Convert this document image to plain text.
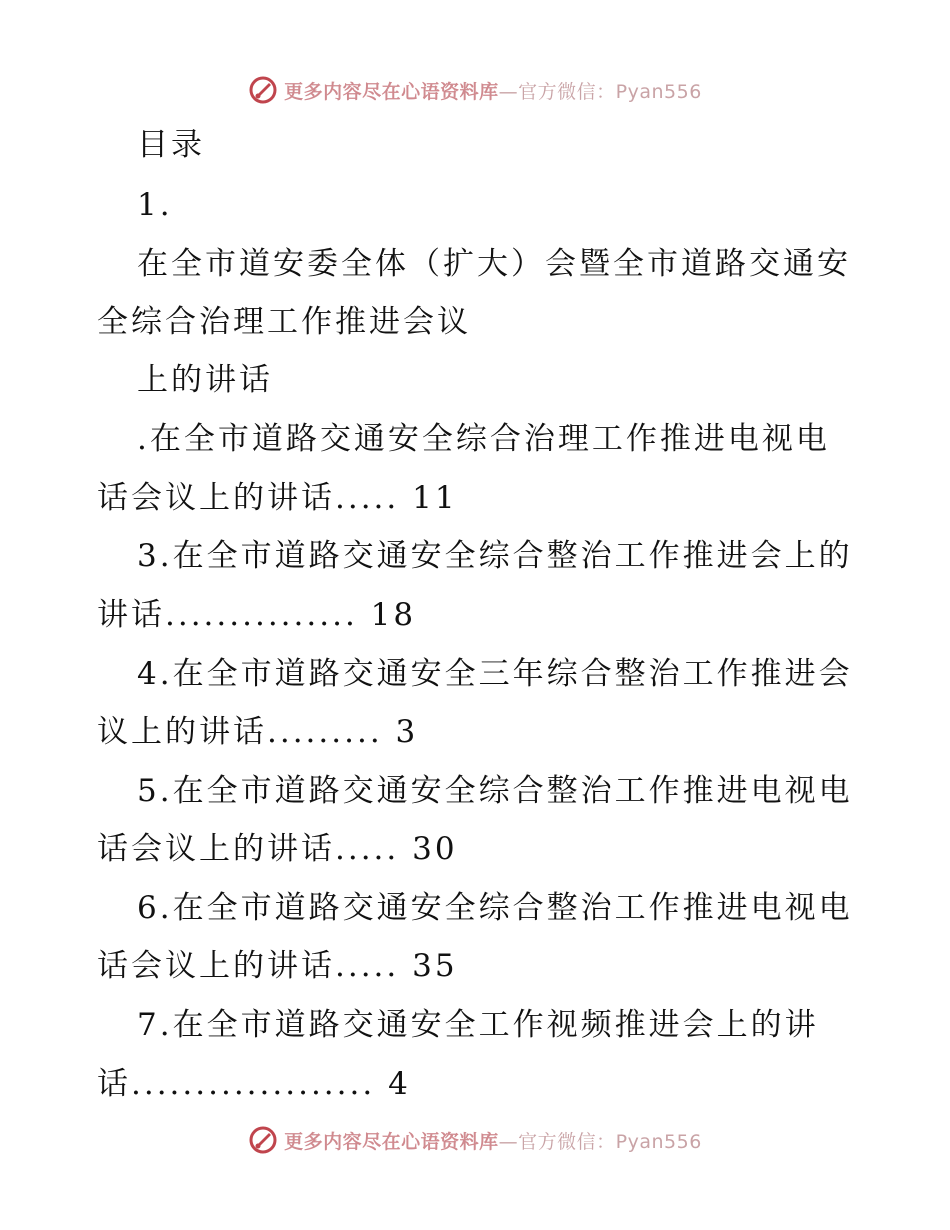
更多内容尽在心语资料库—官方微信：Pyan556
目录
1.
在全市道安委全体（扩大）会暨全市道路交通安
全综合治理工作推进会议
上的讲话
.在全市道路交通安全综合治理工作推进电视电
话会议上的讲话..... 11
3.在全市道路交通安全综合整治工作推进会上的
讲话............... 18
4.在全市道路交通安全三年综合整治工作推进会
议上的讲话......... 3
5.在全市道路交通安全综合整治工作推进电视电
话会议上的讲话..... 30
6.在全市道路交通安全综合整治工作推进电视电
话会议上的讲话..... 35
7.在全市道路交通安全工作视频推进会上的讲
话................... 4
更多内容尽在心语资料库—官方微信：Pyan556
